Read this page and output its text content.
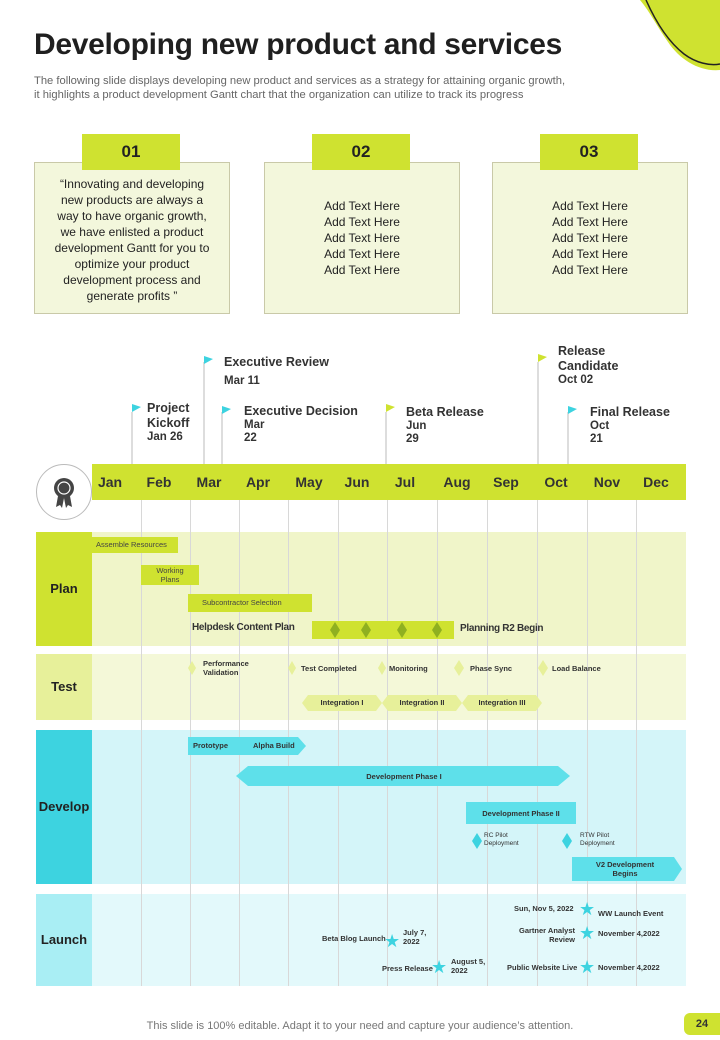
Developing new product and services
The following slide displays developing new product and services as a strategy for attaining organic growth,
it highlights a product development Gantt chart that the organization can utilize to track its progress
01
“Innovating and developing
new products are always a
way to have organic growth,
we have enlisted a product
development Gantt for you to
optimize your product
development process and
generate profits ”
02
Add Text Here
Add Text Here
Add Text Here
Add Text Here
Add Text Here
03
Add Text Here
Add Text Here
Add Text Here
Add Text Here
Add Text Here
Project
Kickoff
Jan 26
Executive Review
Mar 11
Executive Decision
Mar
22
Beta Release
Jun
29
Release
Candidate
Oct 02
Final Release
Oct
21
Jan	Feb	Mar	Apr	May	Jun	Jul	Aug	Sep	Oct	Nov	Dec
Plan
Test
Develop
Launch
Assemble Resources
Working
Plans
Subcontractor Selection
Helpdesk Content Plan	Planning R2 Begin
Performance
Validation	Test Completed	Monitoring	Phase Sync	Load Balance
Integration I	Integration II	Integration III
Prototype	Alpha Build
Development Phase I
Development Phase II
RC Pilot
Deployment
RTW Pilot
Deployment
V2 Development
Begins
Sun, Nov 5, 2022 ★ WW Launch Event
Gartner Analyst
Review ★ November 4,2022
Beta Blog Launch
★ July 7,
2022
Press Release
★ August 5,
2022	Public Website Live ★ November 4,2022
This slide is 100% editable. Adapt it to your need and capture your audience’s attention.	24
